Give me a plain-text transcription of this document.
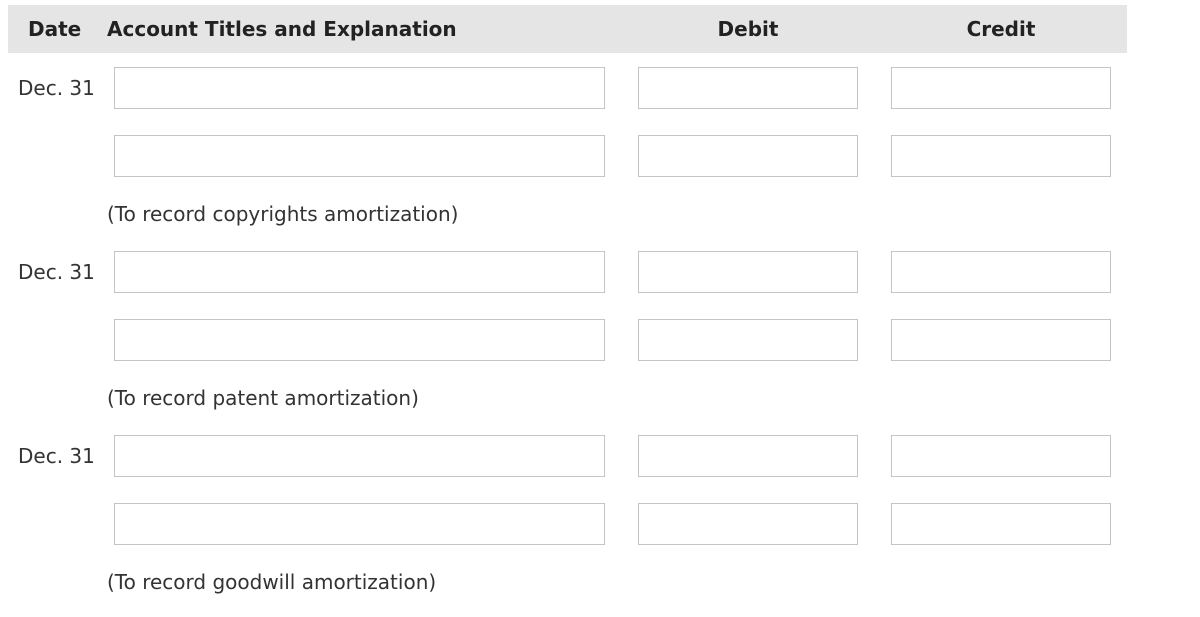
Date Account Titles and Explanation	Debit	Credit
Dec. 31
(To record copyrights amortization)
Dec. 31
(To record patent amortization)
Dec. 31
(To record goodwill amortization)
